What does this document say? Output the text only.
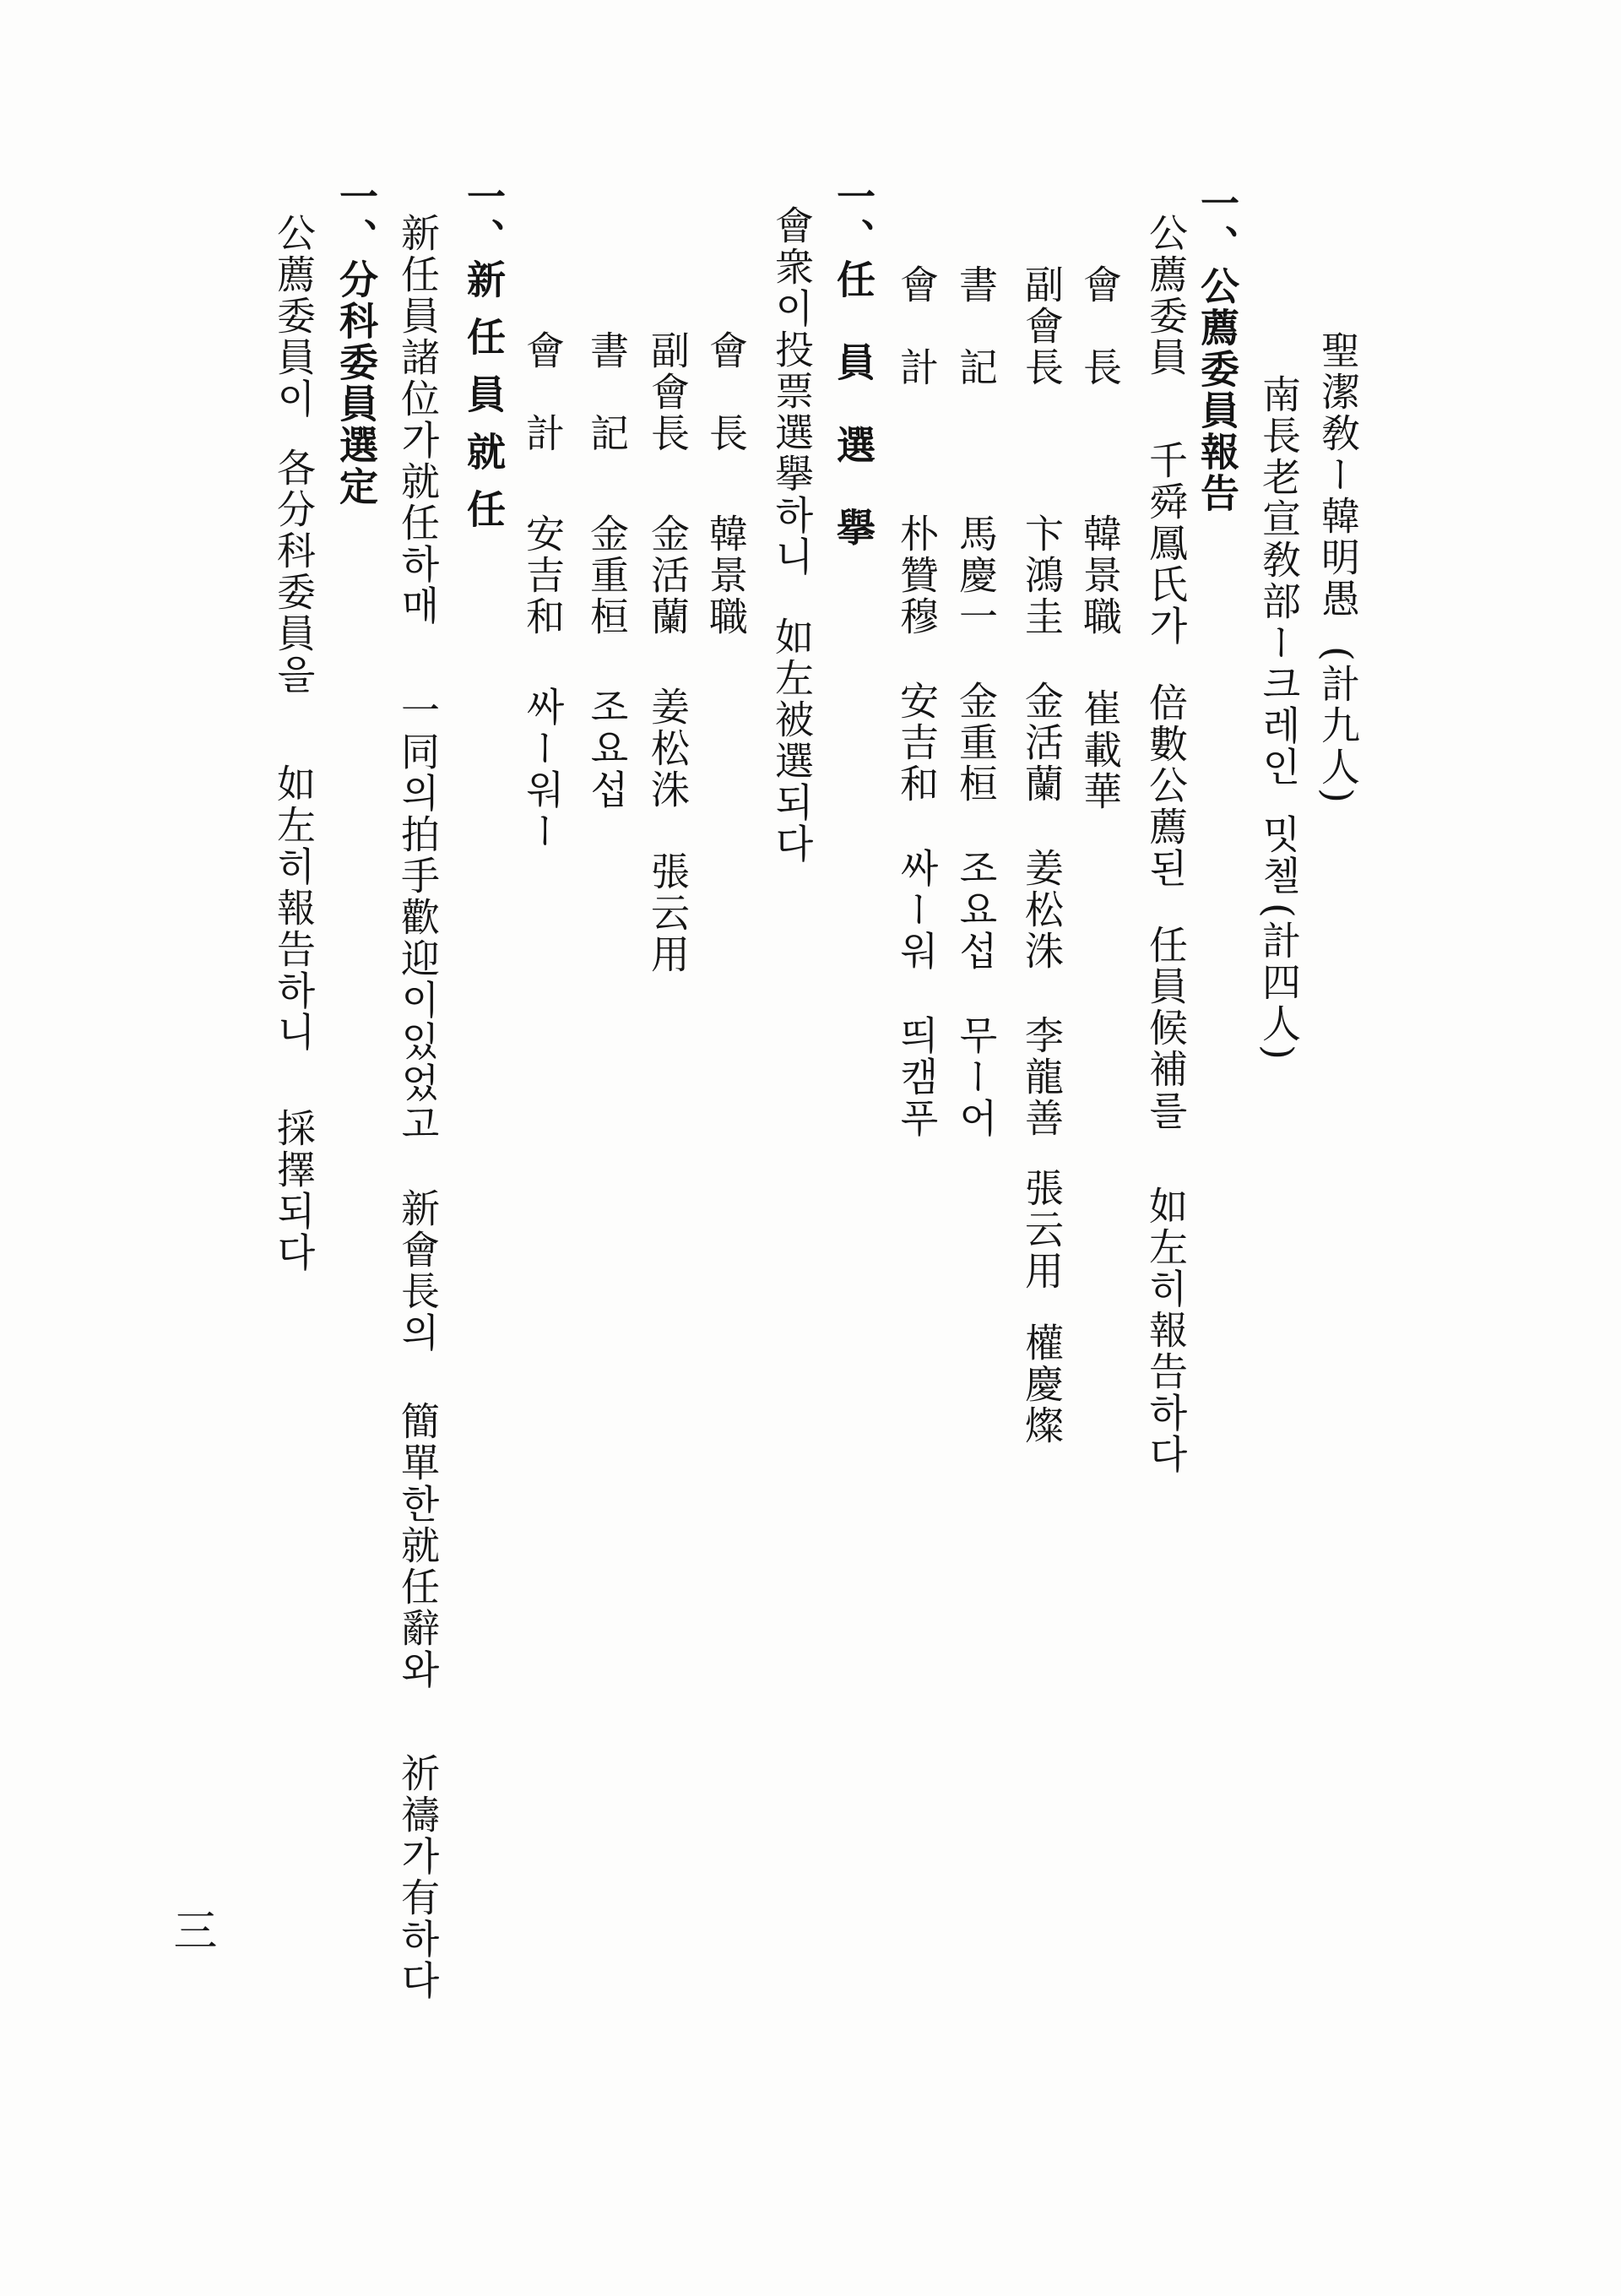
聖潔敎ー韓明愚
(計九人)
南長老宣敎部ー크레인
밋첼
(計四人)
一、公薦委員報告
公薦委員
千舜鳳氏가
倍數公薦된
任員候補를
如左히報告하다
會　長
韓景職
崔載華
副會長
卞鴻圭
金活蘭
姜松洙
李龍善
張云用
權慶燦
書　記
馬慶一
金重桓
조요섭
무ー어
會　計
朴贊穆
安吉和
싸ー워
띄캠푸
一、任　員　選　擧
會衆이投票選擧하니
如左被選되다
會　長
韓景職
副會長
金活蘭
姜松洙
張云用
書　記
金重桓
조요섭
會　計
安吉和
싸ー워ー
一、新 任 員 就 任
新任員諸位가就任하매
一同의拍手歡迎이있었고
新會長의
簡單한就任辭와
祈禱가有하다
一、分科委員選定
公薦委員이
各分科委員을
如左히報告하니
採擇되다
三
